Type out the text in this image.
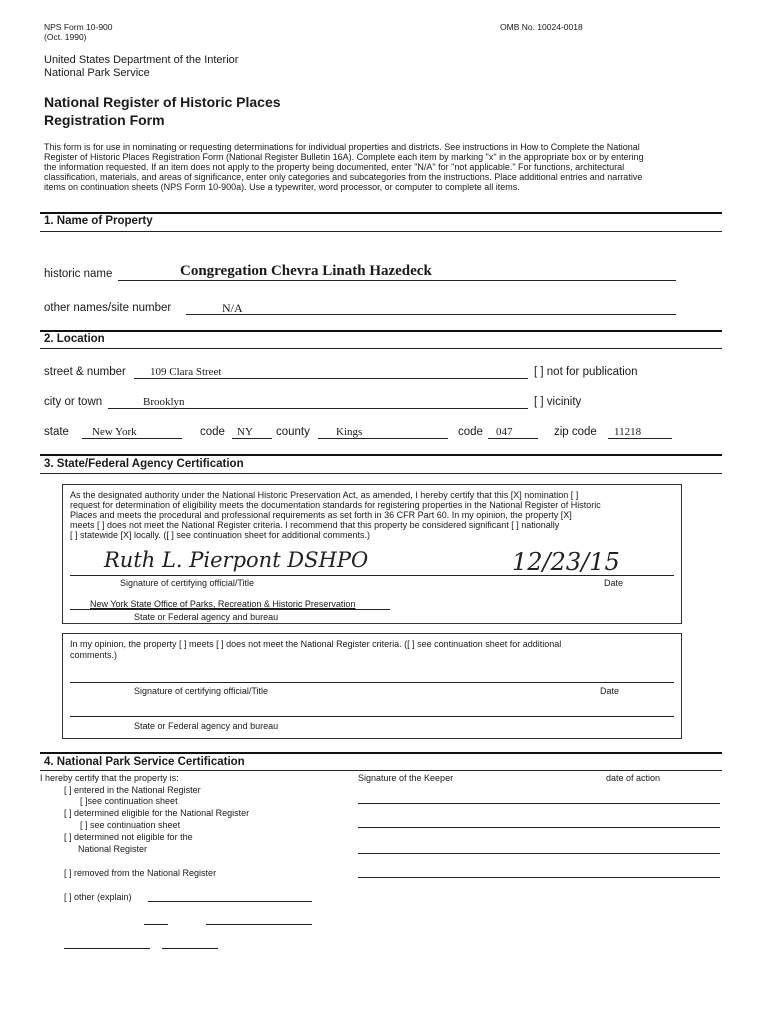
NPS Form 10-900
(Oct. 1990)
OMB No. 10024-0018
United States Department of the Interior
National Park Service
National Register of Historic Places
Registration Form
This form is for use in nominating or requesting determinations for individual properties and districts. See instructions in How to Complete the National
Register of Historic Places Registration Form (National Register Bulletin 16A). Complete each item by marking "x" in the appropriate box or by entering
the information requested. If an item does not apply to the property being documented, enter "N/A" for "not applicable." For functions, architectural
classification, materials, and areas of significance, enter only categories and subcategories from the instructions. Place additional entries and narrative
items on continuation sheets (NPS Form 10-900a). Use a typewriter, word processor, or computer to complete all items.
1. Name of Property
historic name	Congregation Chevra Linath Hazedeck
other names/site number	N/A
2. Location
street & number 109 Clara Street	[ ] not for publication
city or town	Brooklyn	[ ] vicinity
state New York	code NY county Kings	code 047	zip code 11218
3. State/Federal Agency Certification
As the designated authority under the National Historic Preservation Act, as amended, I hereby certify that this [X] nomination [ ]
request for determination of eligibility meets the documentation standards for registering properties in the National Register of Historic
Places and meets the procedural and professional requirements as set forth in 36 CFR Part 60. In my opinion, the property [X]
meets [ ] does not meet the National Register criteria. I recommend that this property be considered significant [ ] nationally
[ ] statewide [X] locally. ([ ] see continuation sheet for additional comments.)
Ruth L. Pierpont DSHPO	12/23/15
Signature of certifying official/Title	Date
New York State Office of Parks, Recreation & Historic Preservation
State or Federal agency and bureau
In my opinion, the property [ ] meets [ ] does not meet the National Register criteria. ([ ] see continuation sheet for additional
comments.)
Signature of certifying official/Title	Date
State or Federal agency and bureau
4. National Park Service Certification
I hereby certify that the property is:	Signature of the Keeper	date of action
[ ] entered in the National Register
[ ]see continuation sheet
[ ] determined eligible for the National Register
[ ] see continuation sheet
[ ] determined not eligible for the
National Register
[ ] removed from the National Register
[ ] other (explain)
